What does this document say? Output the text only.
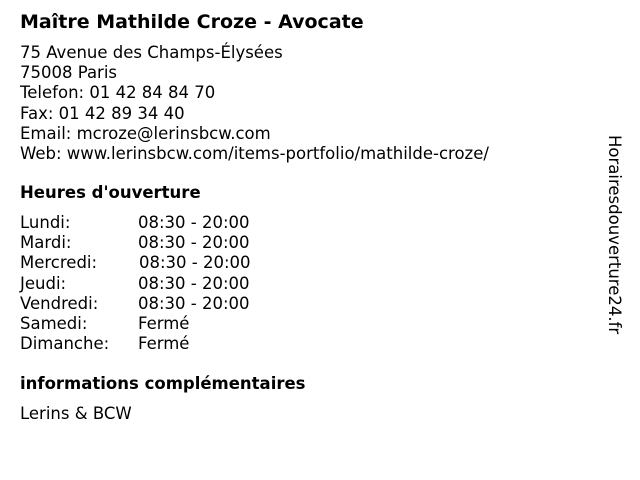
Maître Mathilde Croze - Avocate
75 Avenue des Champs-Élysées
75008 Paris
Telefon: 01 42 84 84 70
Fax: 01 42 89 34 40
Email: mcroze@lerinsbcw.com
Web: www.lerinsbcw.com/items-portfolio/mathilde-croze/
Heures d'ouverture
Lundi:	08:30 - 20:00
Mardi:	08:30 - 20:00
Mercredi:	08:30 - 20:00
Jeudi:	08:30 - 20:00
Vendredi: 08:30 - 20:00
Samedi:	Fermé
Dimanche: Fermé
informations complémentaires
Lerins & BCW
Horairesdouverture24.fr
